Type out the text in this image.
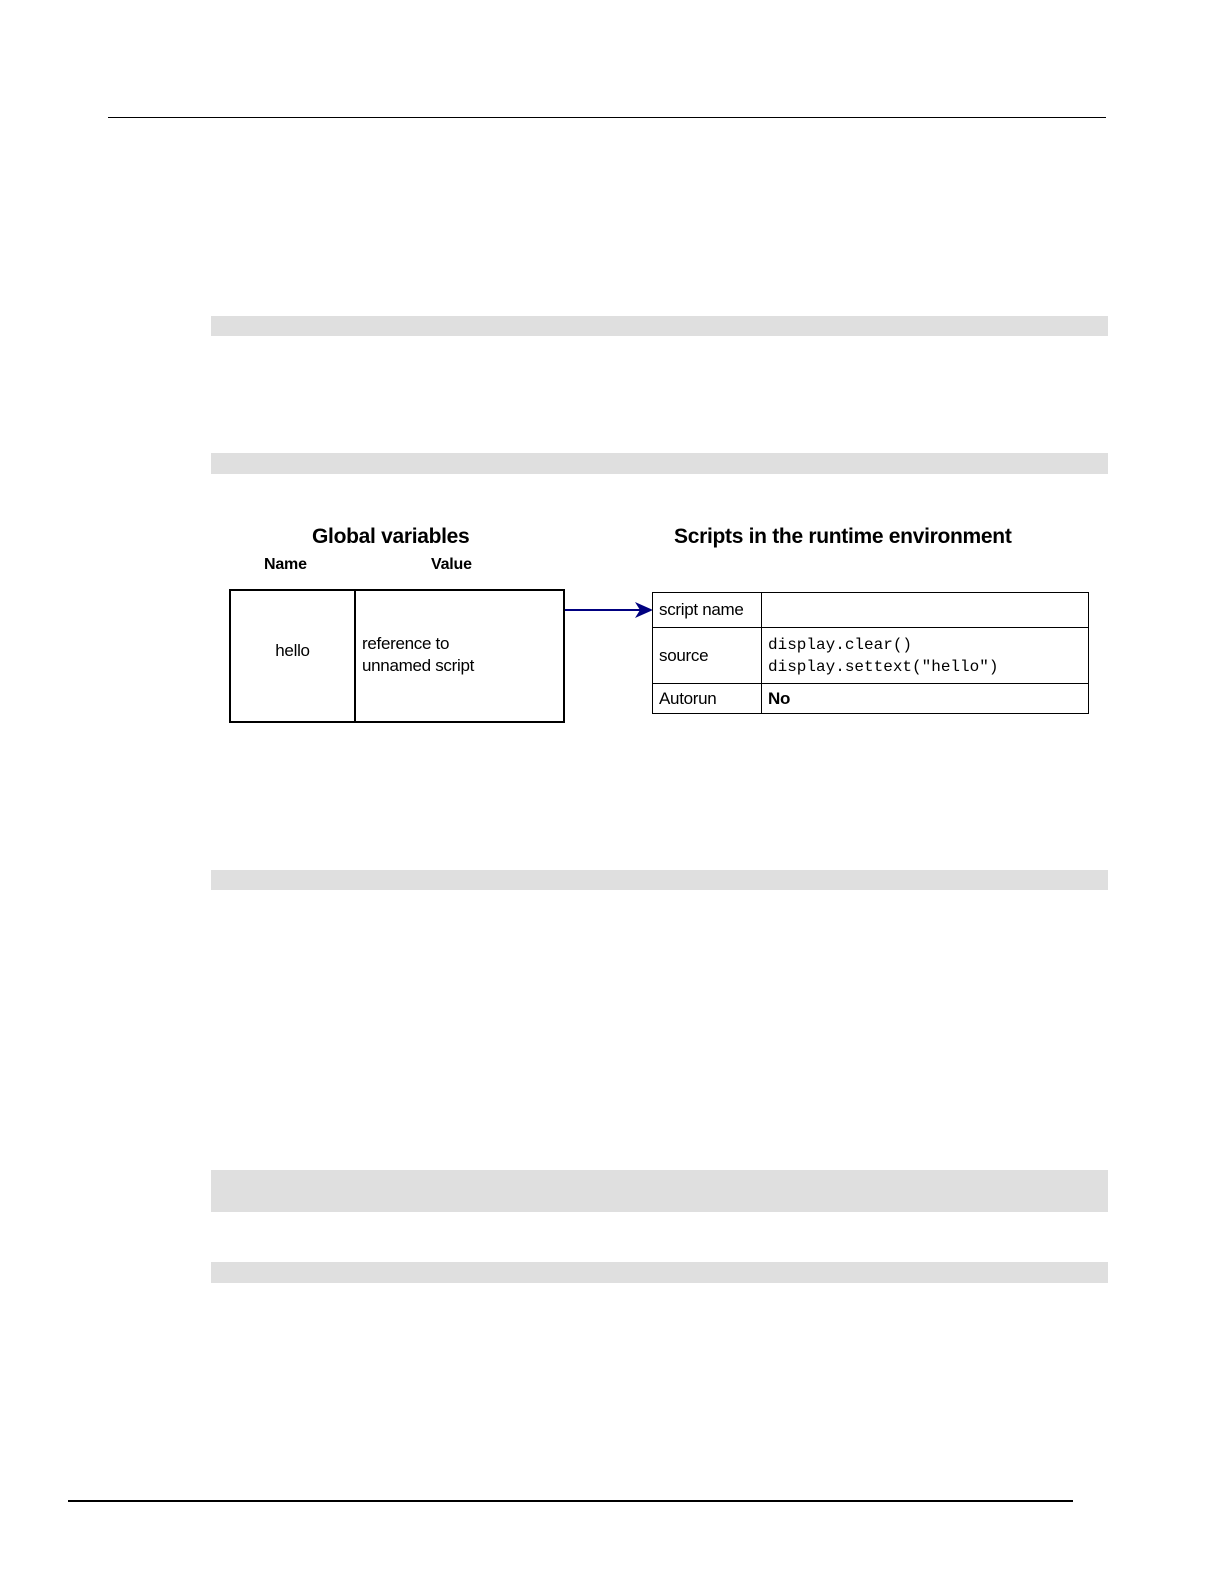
Global variables	Scripts in the runtime environment
Name	Value
hello	reference to
unnamed script
script name	
source	display.clear()
display.settext("hello")

Autorun	No
